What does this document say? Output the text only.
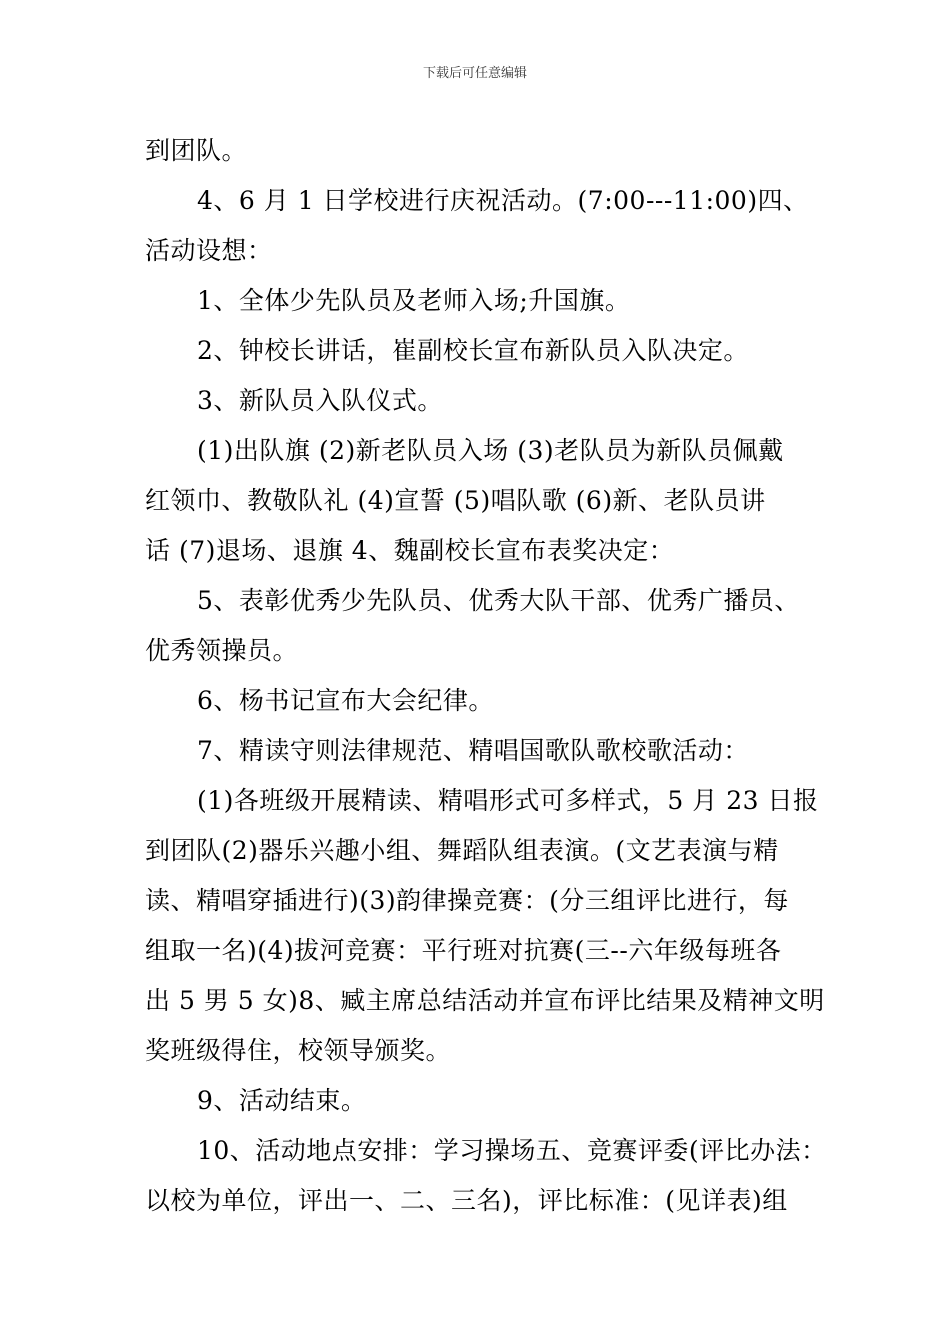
下载后可任意编辑

到团队。
4、6 月 1 日学校进行庆祝活动。(7:00---11:00)四、
活动设想：
1、全体少先队员及老师入场;升国旗。
2、钟校长讲话，崔副校长宣布新队员入队决定。
3、新队员入队仪式。
(1)出队旗 (2)新老队员入场 (3)老队员为新队员佩戴
红领巾、教敬队礼 (4)宣誓 (5)唱队歌 (6)新、老队员讲
话 (7)退场、退旗 4、魏副校长宣布表奖决定：
5、表彰优秀少先队员、优秀大队干部、优秀广播员、
优秀领操员。
6、杨书记宣布大会纪律。
7、精读守则法律规范、精唱国歌队歌校歌活动：
(1)各班级开展精读、精唱形式可多样式，5 月 23 日报
到团队(2)器乐兴趣小组、舞蹈队组表演。(文艺表演与精
读、精唱穿插进行)(3)韵律操竞赛：(分三组评比进行，每
组取一名)(4)拔河竞赛：平行班对抗赛(三--六年级每班各
出 5 男 5 女)8、臧主席总结活动并宣布评比结果及精神文明
奖班级得住，校领导颁奖。
9、活动结束。
10、活动地点安排：学习操场五、竞赛评委(评比办法：
以校为单位，评出一、二、三名)，评比标准：(见详表)组
